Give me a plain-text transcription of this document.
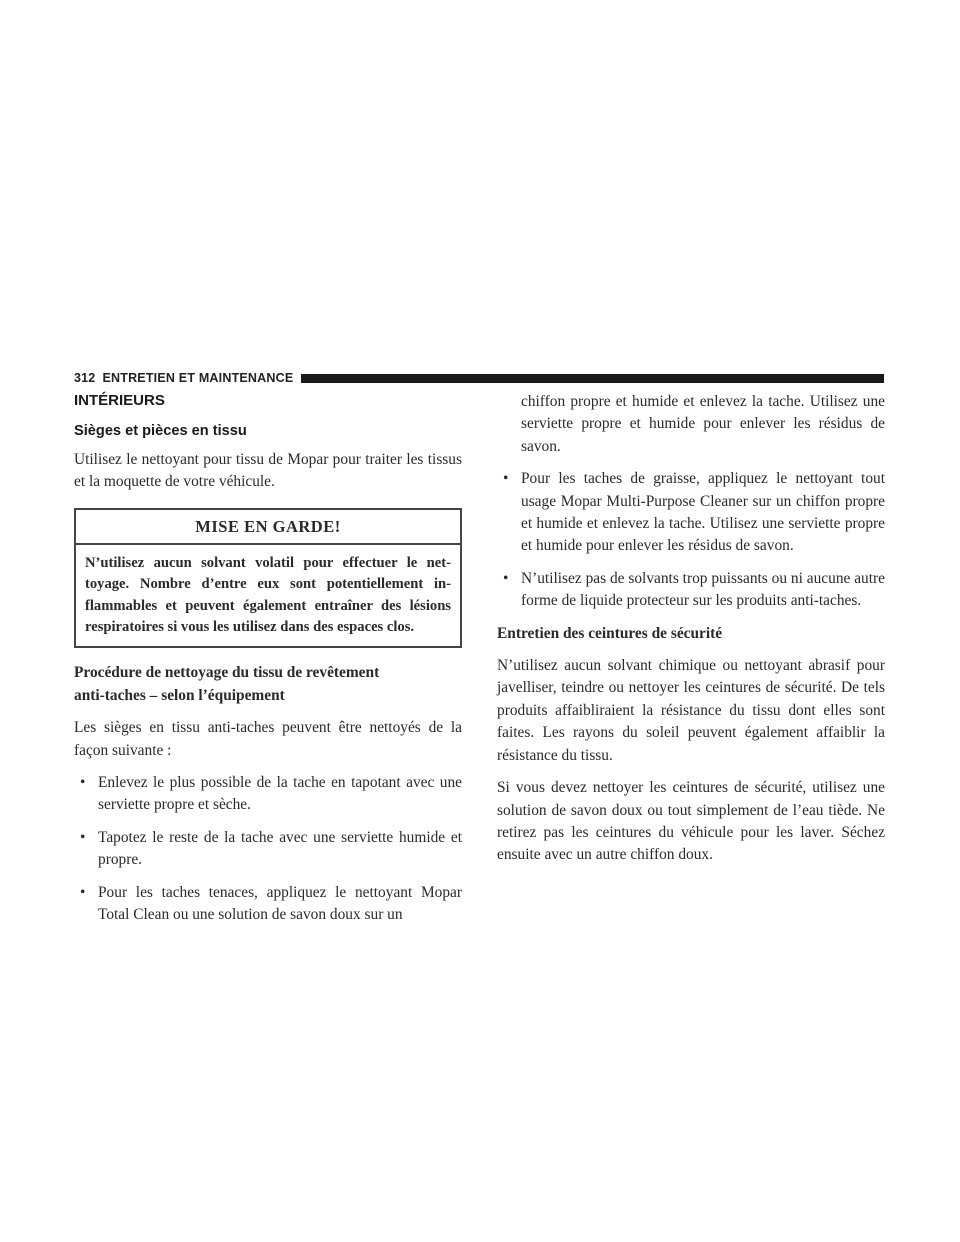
312 ENTRETIEN ET MAINTENANCE
INTÉRIEURS
Sièges et pièces en tissu

Utilisez le nettoyant pour tissu de Mopar pour traiter les tissus et la moquette de votre véhicule.

MISE EN GARDE!
N’utilisez aucun solvant volatil pour effectuer le net-toyage. Nombre d’entre eux sont potentiellement in-flammables et peuvent également entraîner des lésions respiratoires si vous les utilisez dans des espaces clos.
Procédure de nettoyage du tissu de revêtement
anti-taches – selon l’équipement

Les sièges en tissu anti-taches peuvent être nettoyés de la façon suivante :

• Enlevez le plus possible de la tache en tapotant avec une serviette propre et sèche.
• Tapotez le reste de la tache avec une serviette humide et propre.
• Pour les taches tenaces, appliquez le nettoyant Mopar Total Clean ou une solution de savon doux sur un
chiffon propre et humide et enlevez la tache. Utilisez une serviette propre et humide pour enlever les résidus de savon.
• Pour les taches de graisse, appliquez le nettoyant tout usage Mopar Multi-Purpose Cleaner sur un chiffon propre et humide et enlevez la tache. Utilisez une serviette propre et humide pour enlever les résidus de savon.
• N’utilisez pas de solvants trop puissants ou ni aucune autre forme de liquide protecteur sur les produits anti-taches.
Entretien des ceintures de sécurité

N’utilisez aucun solvant chimique ou nettoyant abrasif pour javelliser, teindre ou nettoyer les ceintures de sécurité. De tels produits affaibliraient la résistance du tissu dont elles sont faites. Les rayons du soleil peuvent également affaiblir la résistance du tissu.

Si vous devez nettoyer les ceintures de sécurité, utilisez une solution de savon doux ou tout simplement de l’eau tiède. Ne retirez pas les ceintures du véhicule pour les laver. Séchez ensuite avec un autre chiffon doux.
